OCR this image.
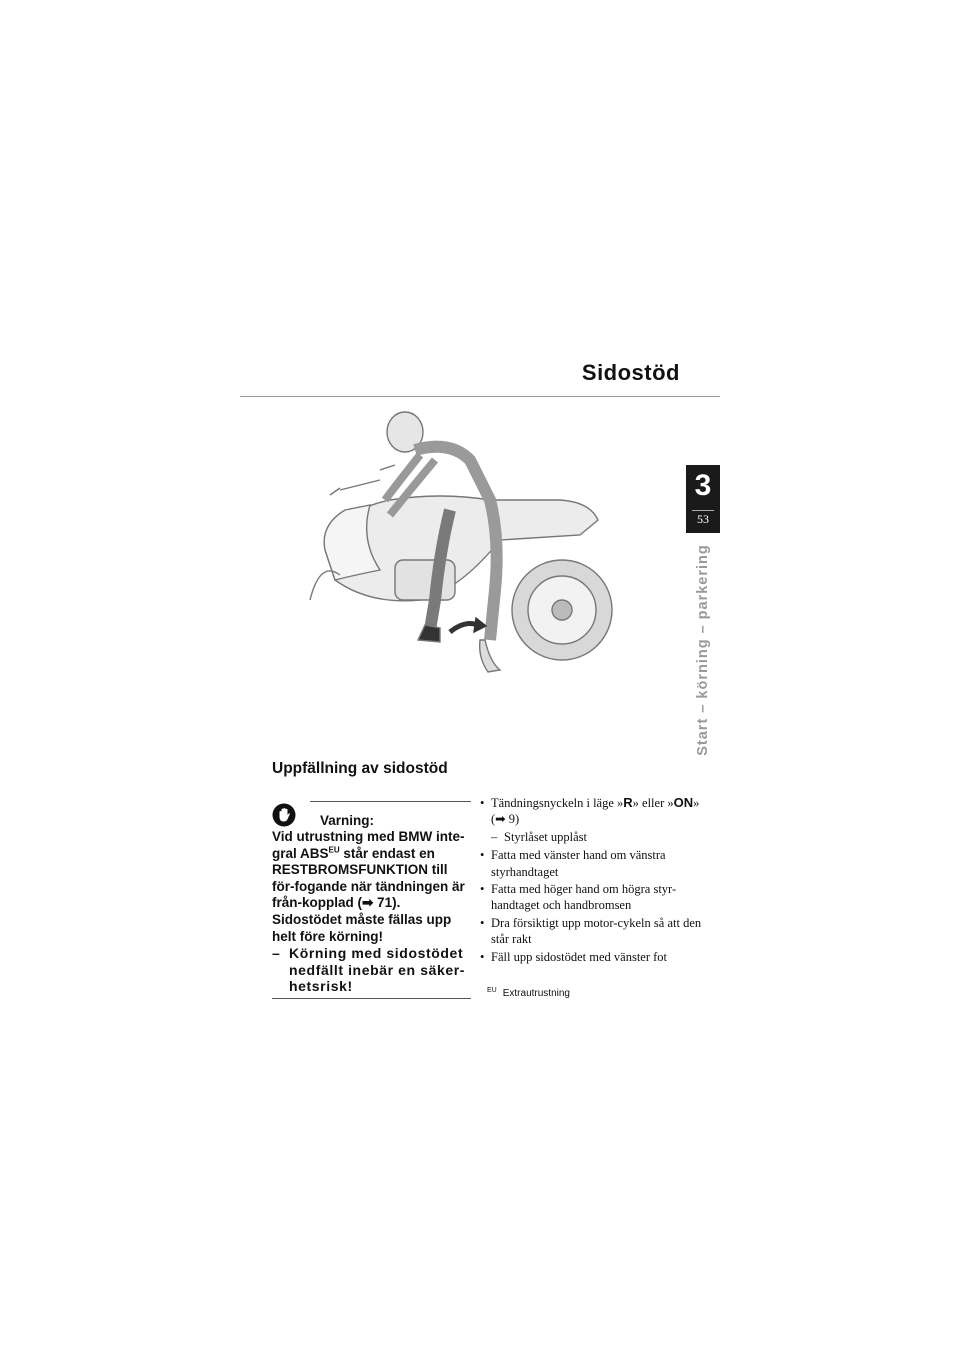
Sidostöd
3
53
Start – körning – parkering
Uppfällning av sidostöd
Varning:

Vid utrustning med BMW inte-gral $ABS^{EU}$ står endast en RESTBROMSFUNKTION till för-fogande när tändningen är från-kopplad (➡ 71).

Sidostödet måste fällas upp helt före körning!

– Körning med sidostödet nedfällt inebär en säker-hetsrisk!
• Tändningsnyckeln i läge »R» eller »ON» (➡ 9)
– Styrlåset upplåst
• Fatta med vänster hand om vänstra styrhandtaget
• Fatta med höger hand om högra styr-handtaget och handbromsen
• Dra försiktigt upp motor-cykeln så att den står rakt
• Fäll upp sidostödet med vänster fot
$^{EU}$ Extrautrustning
